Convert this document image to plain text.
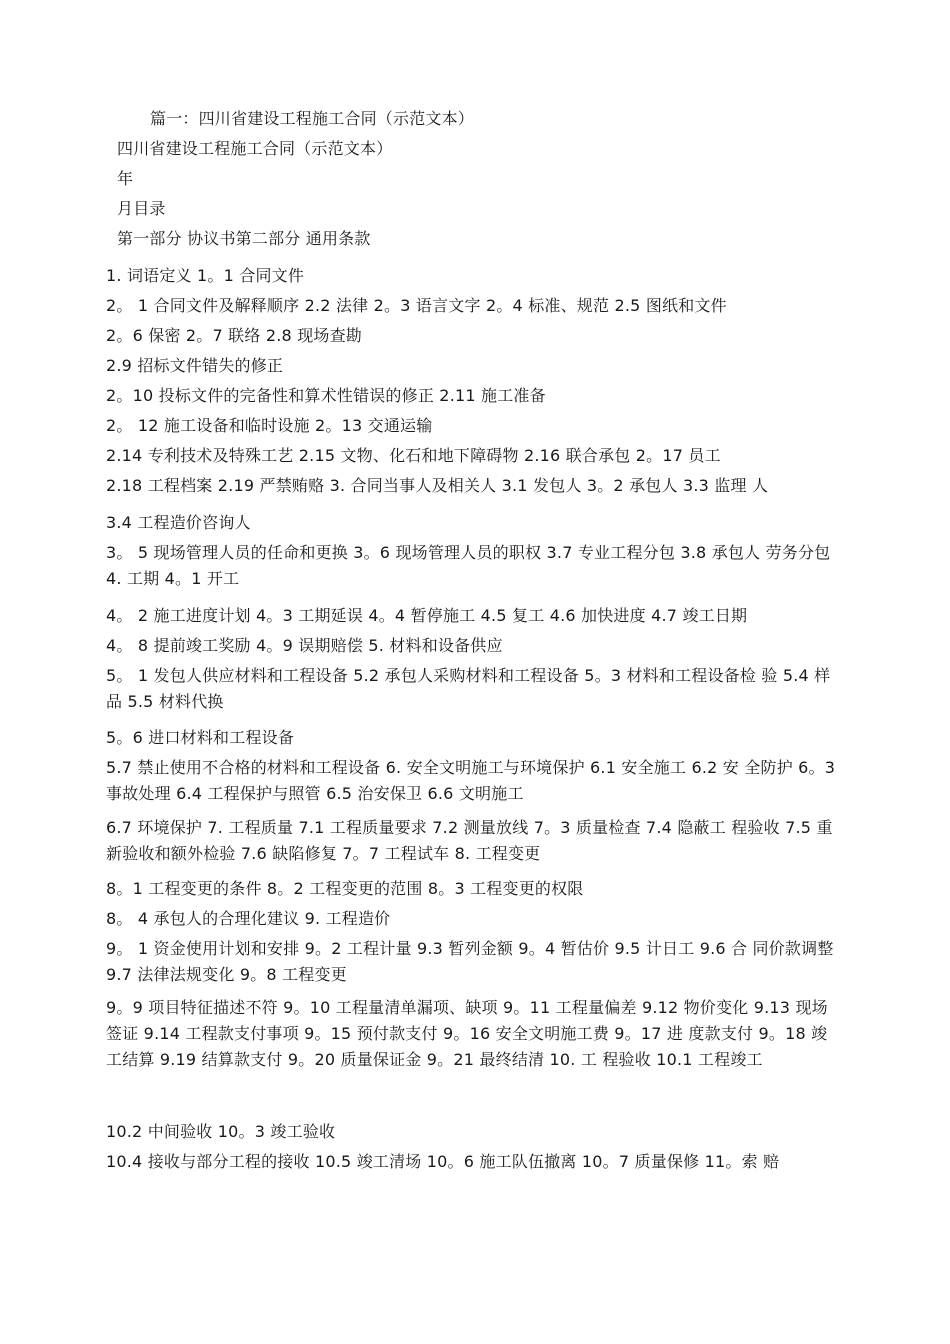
篇一：四川省建设工程施工合同（示范文本）
四川省建设工程施工合同（示范文本）
年
月目录
第一部分 协议书第二部分 通用条款
1. 词语定义 1。1 合同文件
2。 1 合同文件及解释顺序 2.2 法律 2。3 语言文字 2。4 标准、规范 2.5 图纸和文件
2。6 保密 2。7 联络 2.8 现场查勘
2.9 招标文件错失的修正
2。10 投标文件的完备性和算术性错误的修正 2.11 施工准备
2。 12 施工设备和临时设施 2。13 交通运输
2.14 专利技术及特殊工艺 2.15 文物、化石和地下障碍物 2.16 联合承包 2。17 员工
2.18 工程档案 2.19 严禁贿赂 3. 合同当事人及相关人 3.1 发包人 3。2 承包人 3.3 监理 人
3.4 工程造价咨询人
3。 5 现场管理人员的任命和更换 3。6 现场管理人员的职权 3.7 专业工程分包 3.8 承包人 劳务分包 4. 工期 4。1 开工
4。 2 施工进度计划 4。3 工期延误 4。4 暂停施工 4.5 复工 4.6 加快进度 4.7 竣工日期
4。 8 提前竣工奖励 4。9 误期赔偿 5. 材料和设备供应
5。 1 发包人供应材料和工程设备 5.2 承包人采购材料和工程设备 5。3 材料和工程设备检 验 5.4 样品 5.5 材料代换
5。6 进口材料和工程设备
5.7 禁止使用不合格的材料和工程设备 6. 安全文明施工与环境保护 6.1 安全施工 6.2 安 全防护 6。3 事故处理 6.4 工程保护与照管 6.5 治安保卫 6.6 文明施工
6.7 环境保护 7. 工程质量 7.1 工程质量要求 7.2 测量放线 7。3 质量检查 7.4 隐蔽工 程验收 7.5 重新验收和额外检验 7.6 缺陷修复 7。7 工程试车 8. 工程变更
8。1 工程变更的条件 8。2 工程变更的范围 8。3 工程变更的权限
8。 4 承包人的合理化建议 9. 工程造价
9。 1 资金使用计划和安排 9。2 工程计量 9.3 暂列金额 9。4 暂估价 9.5 计日工 9.6 合 同价款调整 9.7 法律法规变化 9。8 工程变更
9。9 项目特征描述不符 9。10 工程量清单漏项、缺项 9。11 工程量偏差 9.12 物价变化 9.13 现场签证 9.14 工程款支付事项 9。15 预付款支付 9。16 安全文明施工费 9。17 进 度款支付 9。18 竣工结算 9.19 结算款支付 9。20 质量保证金 9。21 最终结清 10. 工 程验收 10.1 工程竣工
10.2 中间验收 10。3 竣工验收
10.4 接收与部分工程的接收 10.5 竣工清场 10。6 施工队伍撤离 10。7 质量保修 11。索 赔
